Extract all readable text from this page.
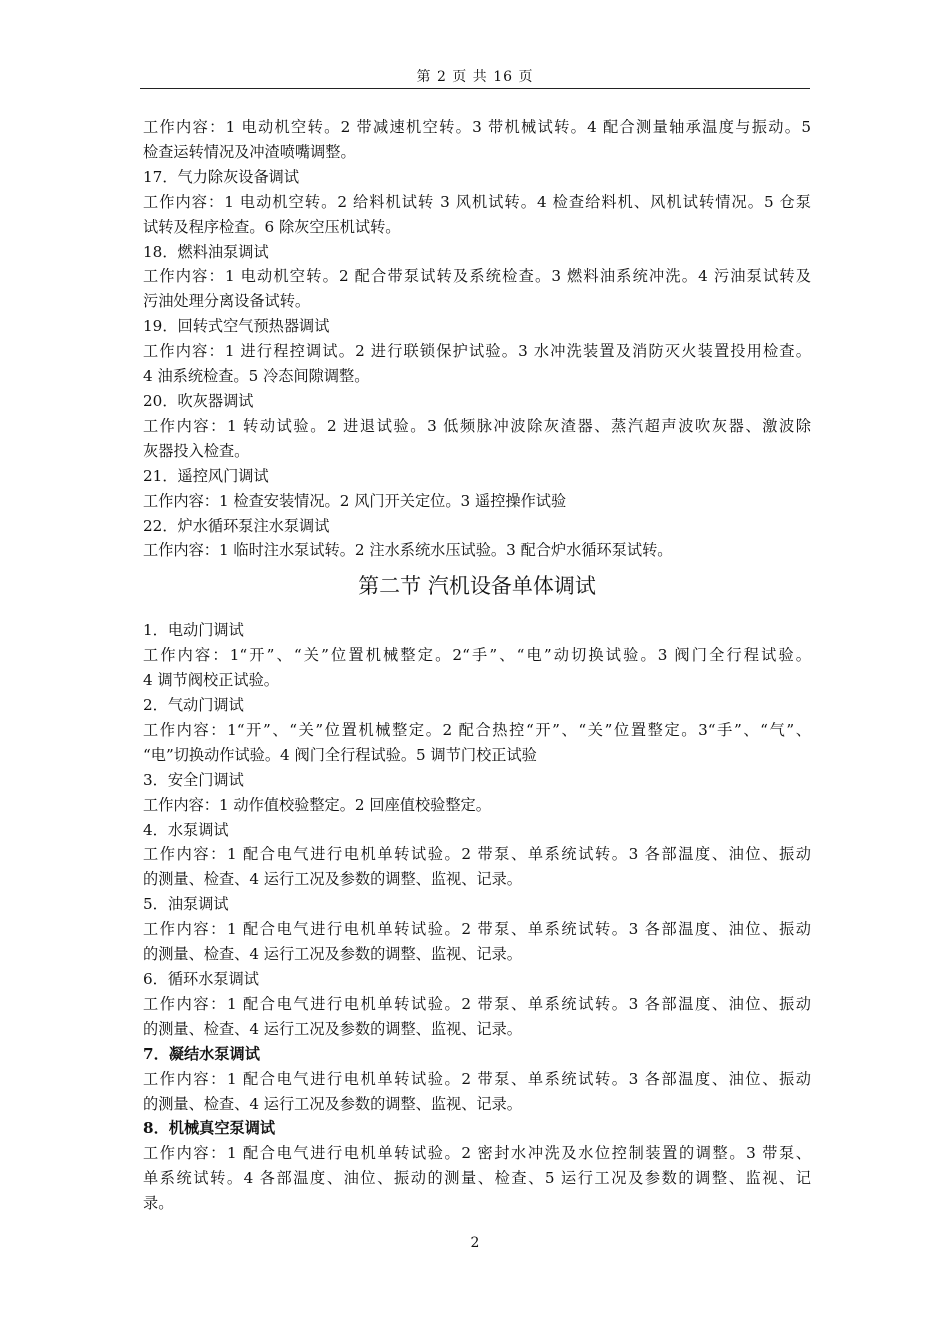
第 2 页 共 16 页
工作内容：1 电动机空转。2 带减速机空转。3 带机械试转。4 配合测量轴承温度与振动。5
检查运转情况及冲渣喷嘴调整。
17．气力除灰设备调试
工作内容：1 电动机空转。2 给料机试转 3 风机试转。4 检查给料机、风机试转情况。5 仓泵
试转及程序检查。6 除灰空压机试转。
18．燃料油泵调试
工作内容：1 电动机空转。2 配合带泵试转及系统检查。3 燃料油系统冲洗。4 污油泵试转及
污油处理分离设备试转。
19．回转式空气预热器调试
工作内容：1 进行程控调试。2 进行联锁保护试验。3 水冲洗装置及消防灭火装置投用检查。
4 油系统检查。5 冷态间隙调整。
20．吹灰器调试
工作内容：1 转动试验。2 进退试验。3 低频脉冲波除灰渣器、蒸汽超声波吹灰器、激波除
灰器投入检查。
21．遥控风门调试
工作内容：1 检查安装情况。2 风门开关定位。3 遥控操作试验
22．炉水循环泵注水泵调试
工作内容：1 临时注水泵试转。2 注水系统水压试验。3 配合炉水循环泵试转。
第二节 汽机设备单体调试
1．电动门调试
工作内容：1“开”、“关”位置机械整定。2“手”、“电”动切换试验。3 阀门全行程试验。
4 调节阀校正试验。
2．气动门调试
工作内容：1“开”、“关”位置机械整定。2 配合热控“开”、“关”位置整定。3“手”、“气”、
“电”切换动作试验。4 阀门全行程试验。5 调节门校正试验
3．安全门调试
工作内容：1 动作值校验整定。2 回座值校验整定。
4．水泵调试
工作内容：1 配合电气进行电机单转试验。2 带泵、单系统试转。3 各部温度、油位、振动
的测量、检查、4 运行工况及参数的调整、监视、记录。
5．油泵调试
工作内容：1 配合电气进行电机单转试验。2 带泵、单系统试转。3 各部温度、油位、振动
的测量、检查、4 运行工况及参数的调整、监视、记录。
6．循环水泵调试
工作内容：1 配合电气进行电机单转试验。2 带泵、单系统试转。3 各部温度、油位、振动
的测量、检查、4 运行工况及参数的调整、监视、记录。
7．凝结水泵调试
工作内容：1 配合电气进行电机单转试验。2 带泵、单系统试转。3 各部温度、油位、振动
的测量、检查、4 运行工况及参数的调整、监视、记录。
8．机械真空泵调试
工作内容：1 配合电气进行电机单转试验。2 密封水冲洗及水位控制装置的调整。3 带泵、
单系统试转。4 各部温度、油位、振动的测量、检查、5 运行工况及参数的调整、监视、记
录。
2
